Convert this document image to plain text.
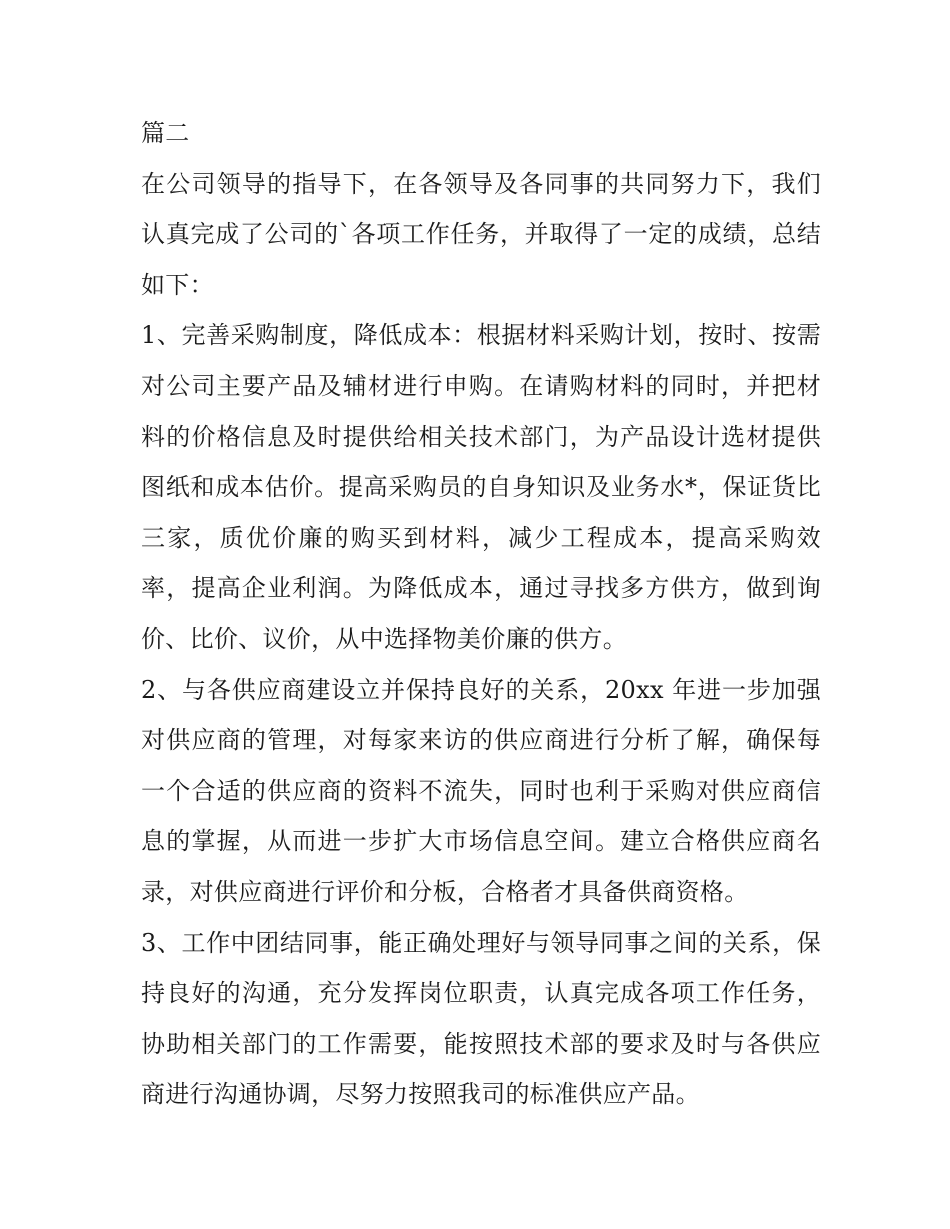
篇二

在公司领导的指导下，在各领导及各同事的共同努力下，我们认真完成了公司的`各项工作任务，并取得了一定的成绩，总结如下：

1、完善采购制度，降低成本：根据材料采购计划，按时、按需对公司主要产品及辅材进行申购。在请购材料的同时，并把材料的价格信息及时提供给相关技术部门，为产品设计选材提供图纸和成本估价。提高采购员的自身知识及业务水*，保证货比三家，质优价廉的购买到材料，减少工程成本，提高采购效率，提高企业利润。为降低成本，通过寻找多方供方，做到询价、比价、议价，从中选择物美价廉的供方。

2、与各供应商建设立并保持良好的关系，20xx 年进一步加强对供应商的管理，对每家来访的供应商进行分析了解，确保每一个合适的供应商的资料不流失，同时也利于采购对供应商信息的掌握，从而进一步扩大市场信息空间。建立合格供应商名录，对供应商进行评价和分板，合格者才具备供商资格。

3、工作中团结同事，能正确处理好与领导同事之间的关系，保持良好的沟通，充分发挥岗位职责，认真完成各项工作任务，协助相关部门的工作需要，能按照技术部的要求及时与各供应商进行沟通协调，尽努力按照我司的标准供应产品。
